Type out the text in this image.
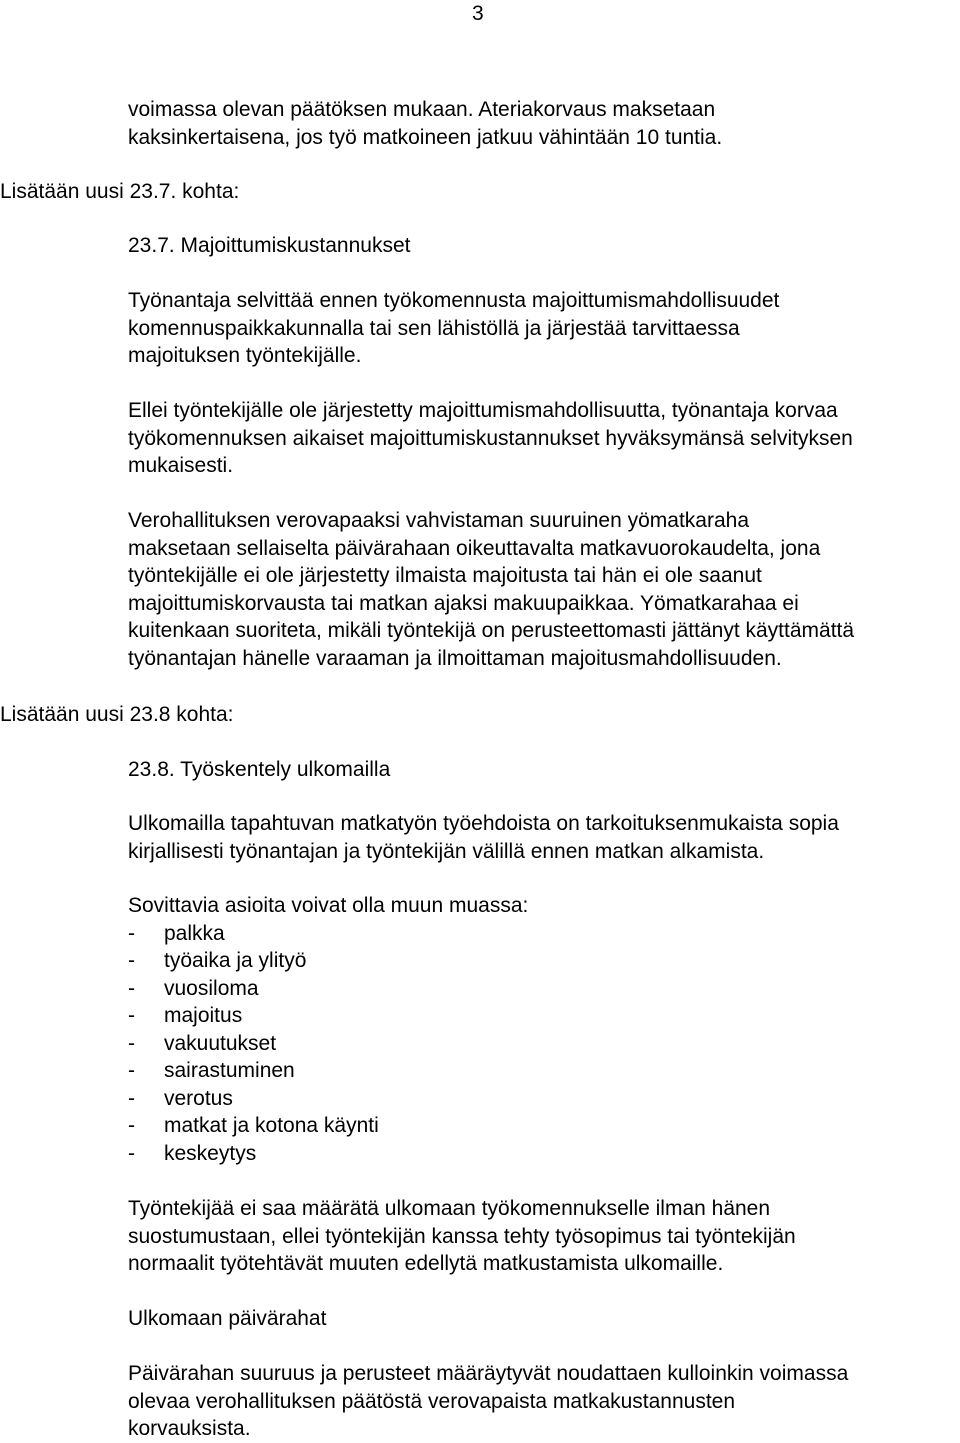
3
voimassa olevan päätöksen mukaan. Ateriakorvaus maksetaan
kaksinkertaisena, jos työ matkoineen jatkuu vähintään 10 tuntia.
Lisätään uusi 23.7. kohta:
23.7. Majoittumiskustannukset
Työnantaja selvittää ennen työkomennusta majoittumismahdollisuudet
komennuspaikkakunnalla tai sen lähistöllä ja järjestää tarvittaessa
majoituksen työntekijälle.
Ellei työntekijälle ole järjestetty majoittumismahdollisuutta, työnantaja korvaa
työkomennuksen aikaiset majoittumiskustannukset hyväksymänsä selvityksen
mukaisesti.
Verohallituksen verovapaaksi vahvistaman suuruinen yömatkaraha
maksetaan sellaiselta päivärahaan oikeuttavalta matkavuorokaudelta, jona
työntekijälle ei ole järjestetty ilmaista majoitusta tai hän ei ole saanut
majoittumiskorvausta tai matkan ajaksi makuupaikkaa. Yömatkarahaa ei
kuitenkaan suoriteta, mikäli työntekijä on perusteettomasti jättänyt käyttämättä
työnantajan hänelle varaaman ja ilmoittaman majoitusmahdollisuuden.
Lisätään uusi 23.8 kohta:
23.8. Työskentely ulkomailla
Ulkomailla tapahtuvan matkatyön työehdoista on tarkoituksenmukaista sopia
kirjallisesti työnantajan ja työntekijän välillä ennen matkan alkamista.
Sovittavia asioita voivat olla muun muassa:
- palkka
- työaika ja ylityö
- vuosiloma
- majoitus
- vakuutukset
- sairastuminen
- verotus
- matkat ja kotona käynti
- keskeytys
Työntekijää ei saa määrätä ulkomaan työkomennukselle ilman hänen
suostumustaan, ellei työntekijän kanssa tehty työsopimus tai työntekijän
normaalit työtehtävät muuten edellytä matkustamista ulkomaille.
Ulkomaan päivärahat
Päivärahan suuruus ja perusteet määräytyvät noudattaen kulloinkin voimassa
olevaa verohallituksen päätöstä verovapaista matkakustannusten
korvauksista.
